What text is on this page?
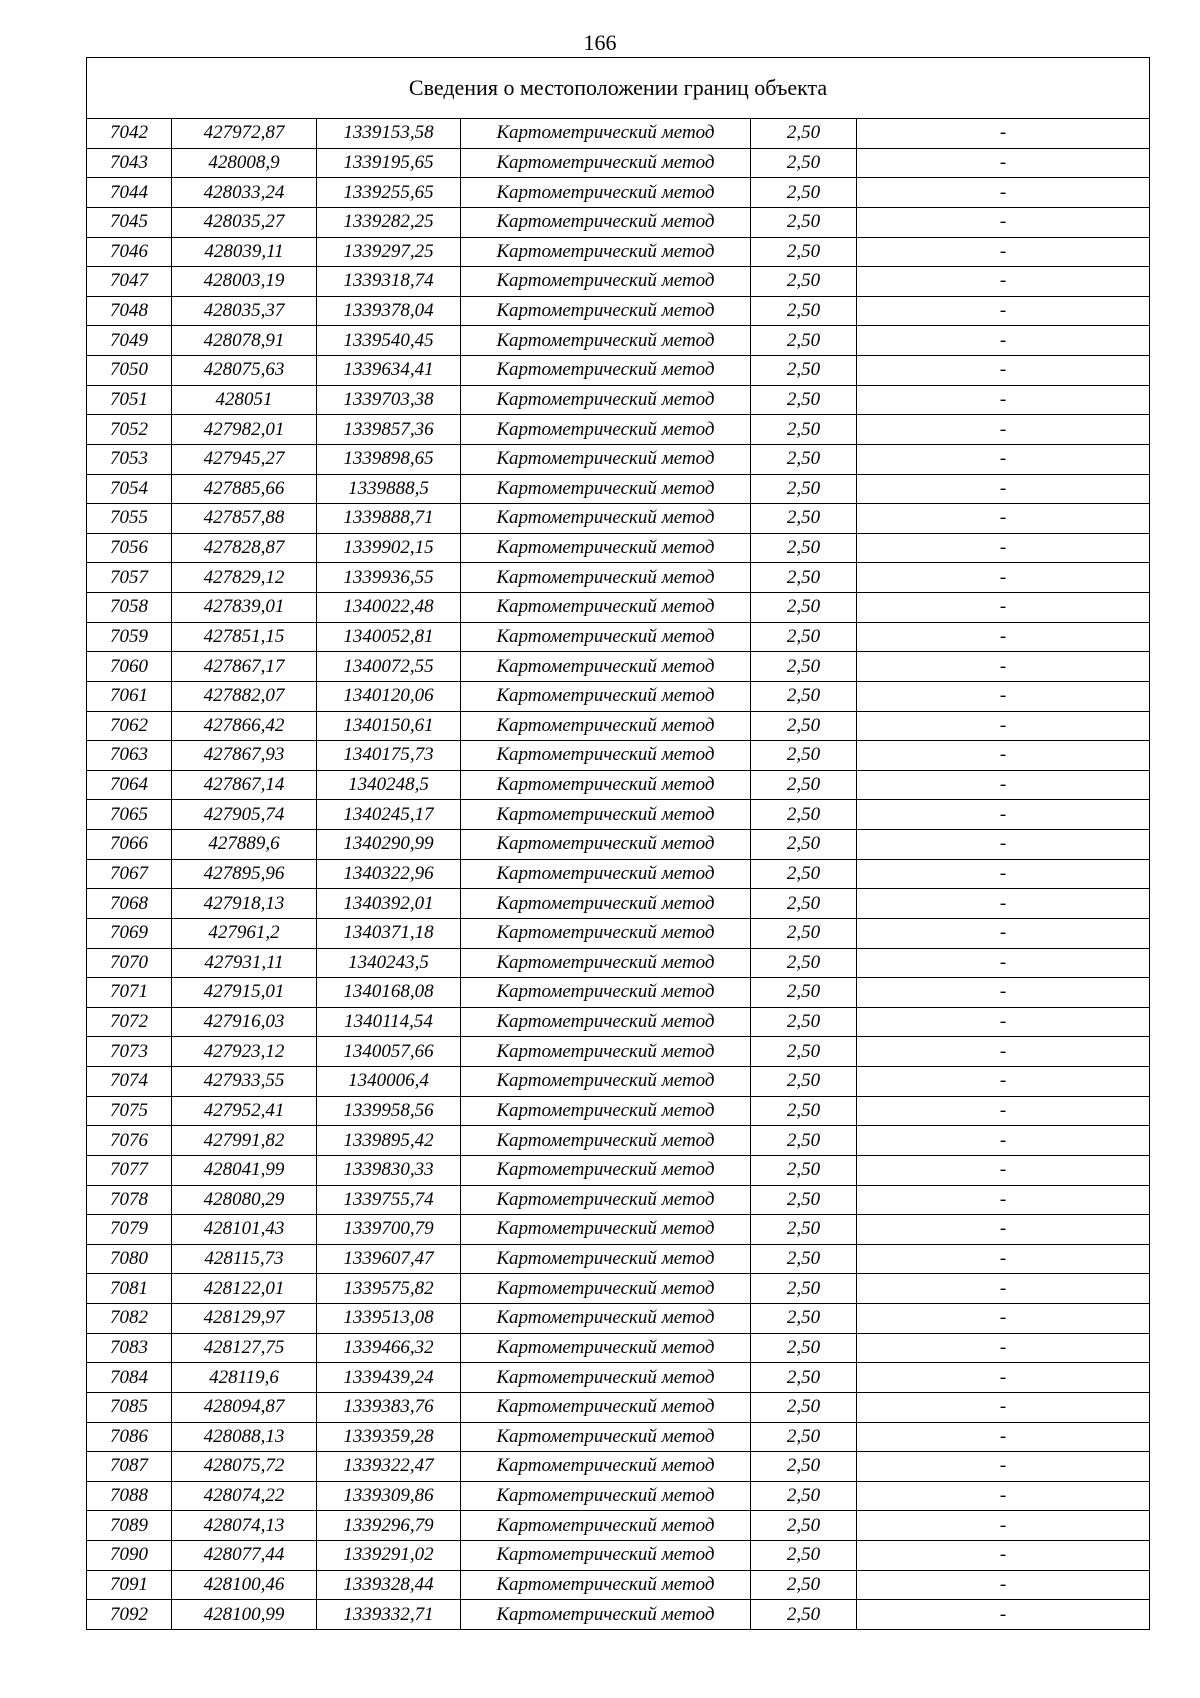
166
Сведения о местоположении границ объекта					
7042	427972,87	1339153,58	Картометрический метод	2,50	-
7043	428008,9	1339195,65	Картометрический метод	2,50	-
7044	428033,24	1339255,65	Картометрический метод	2,50	-
7045	428035,27	1339282,25	Картометрический метод	2,50	-
7046	428039,11	1339297,25	Картометрический метод	2,50	-
7047	428003,19	1339318,74	Картометрический метод	2,50	-
7048	428035,37	1339378,04	Картометрический метод	2,50	-
7049	428078,91	1339540,45	Картометрический метод	2,50	-
7050	428075,63	1339634,41	Картометрический метод	2,50	-
7051	428051	1339703,38	Картометрический метод	2,50	-
7052	427982,01	1339857,36	Картометрический метод	2,50	-
7053	427945,27	1339898,65	Картометрический метод	2,50	-
7054	427885,66	1339888,5	Картометрический метод	2,50	-
7055	427857,88	1339888,71	Картометрический метод	2,50	-
7056	427828,87	1339902,15	Картометрический метод	2,50	-
7057	427829,12	1339936,55	Картометрический метод	2,50	-
7058	427839,01	1340022,48	Картометрический метод	2,50	-
7059	427851,15	1340052,81	Картометрический метод	2,50	-
7060	427867,17	1340072,55	Картометрический метод	2,50	-
7061	427882,07	1340120,06	Картометрический метод	2,50	-
7062	427866,42	1340150,61	Картометрический метод	2,50	-
7063	427867,93	1340175,73	Картометрический метод	2,50	-
7064	427867,14	1340248,5	Картометрический метод	2,50	-
7065	427905,74	1340245,17	Картометрический метод	2,50	-
7066	427889,6	1340290,99	Картометрический метод	2,50	-
7067	427895,96	1340322,96	Картометрический метод	2,50	-
7068	427918,13	1340392,01	Картометрический метод	2,50	-
7069	427961,2	1340371,18	Картометрический метод	2,50	-
7070	427931,11	1340243,5	Картометрический метод	2,50	-
7071	427915,01	1340168,08	Картометрический метод	2,50	-
7072	427916,03	1340114,54	Картометрический метод	2,50	-
7073	427923,12	1340057,66	Картометрический метод	2,50	-
7074	427933,55	1340006,4	Картометрический метод	2,50	-
7075	427952,41	1339958,56	Картометрический метод	2,50	-
7076	427991,82	1339895,42	Картометрический метод	2,50	-
7077	428041,99	1339830,33	Картометрический метод	2,50	-
7078	428080,29	1339755,74	Картометрический метод	2,50	-
7079	428101,43	1339700,79	Картометрический метод	2,50	-
7080	428115,73	1339607,47	Картометрический метод	2,50	-
7081	428122,01	1339575,82	Картометрический метод	2,50	-
7082	428129,97	1339513,08	Картометрический метод	2,50	-
7083	428127,75	1339466,32	Картометрический метод	2,50	-
7084	428119,6	1339439,24	Картометрический метод	2,50	-
7085	428094,87	1339383,76	Картометрический метод	2,50	-
7086	428088,13	1339359,28	Картометрический метод	2,50	-
7087	428075,72	1339322,47	Картометрический метод	2,50	-
7088	428074,22	1339309,86	Картометрический метод	2,50	-
7089	428074,13	1339296,79	Картометрический метод	2,50	-
7090	428077,44	1339291,02	Картометрический метод	2,50	-
7091	428100,46	1339328,44	Картометрический метод	2,50	-
7092	428100,99	1339332,71	Картометрический метод	2,50	-
